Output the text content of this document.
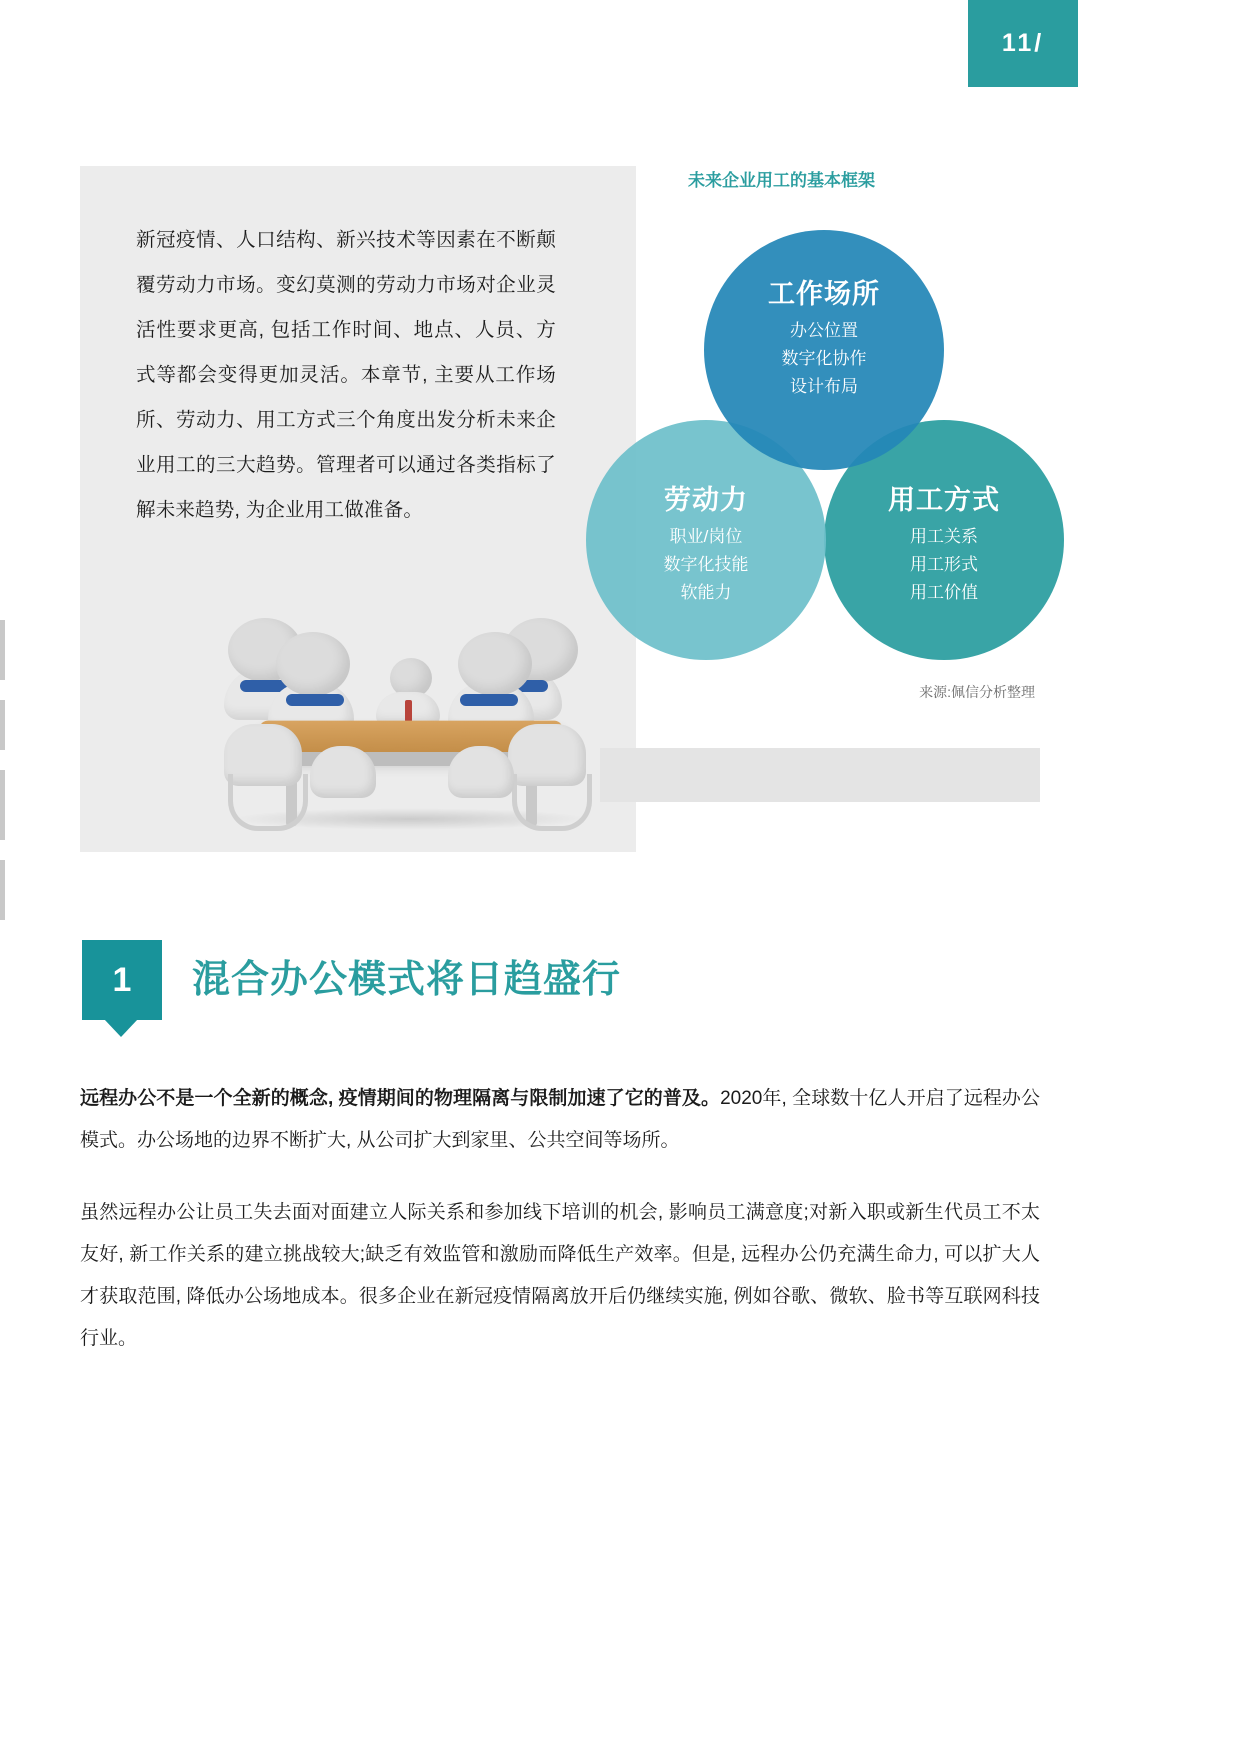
11/
新冠疫情、人口结构、新兴技术等因素在不断颠覆劳动力市场。变幻莫测的劳动力市场对企业灵活性要求更高, 包括工作时间、地点、人员、方式等都会变得更加灵活。本章节, 主要从工作场所、劳动力、用工方式三个角度出发分析未来企业用工的三大趋势。管理者可以通过各类指标了解未来趋势, 为企业用工做准备。
未来企业用工的基本框架
劳动力
职业/岗位
数字化技能
软能力
用工方式
用工关系
用工形式
用工价值
工作场所
办公位置
数字化协作
设计布局
来源:佩信分析整理
1	混合办公模式将日趋盛行
远程办公不是一个全新的概念, 疫情期间的物理隔离与限制加速了它的普及。2020年, 全球数十亿人开启了远程办公模式。办公场地的边界不断扩大, 从公司扩大到家里、公共空间等场所。
虽然远程办公让员工失去面对面建立人际关系和参加线下培训的机会, 影响员工满意度;对新入职或新生代员工不太友好, 新工作关系的建立挑战较大;缺乏有效监管和激励而降低生产效率。但是, 远程办公仍充满生命力, 可以扩大人才获取范围, 降低办公场地成本。很多企业在新冠疫情隔离放开后仍继续实施, 例如谷歌、微软、脸书等互联网科技行业。
